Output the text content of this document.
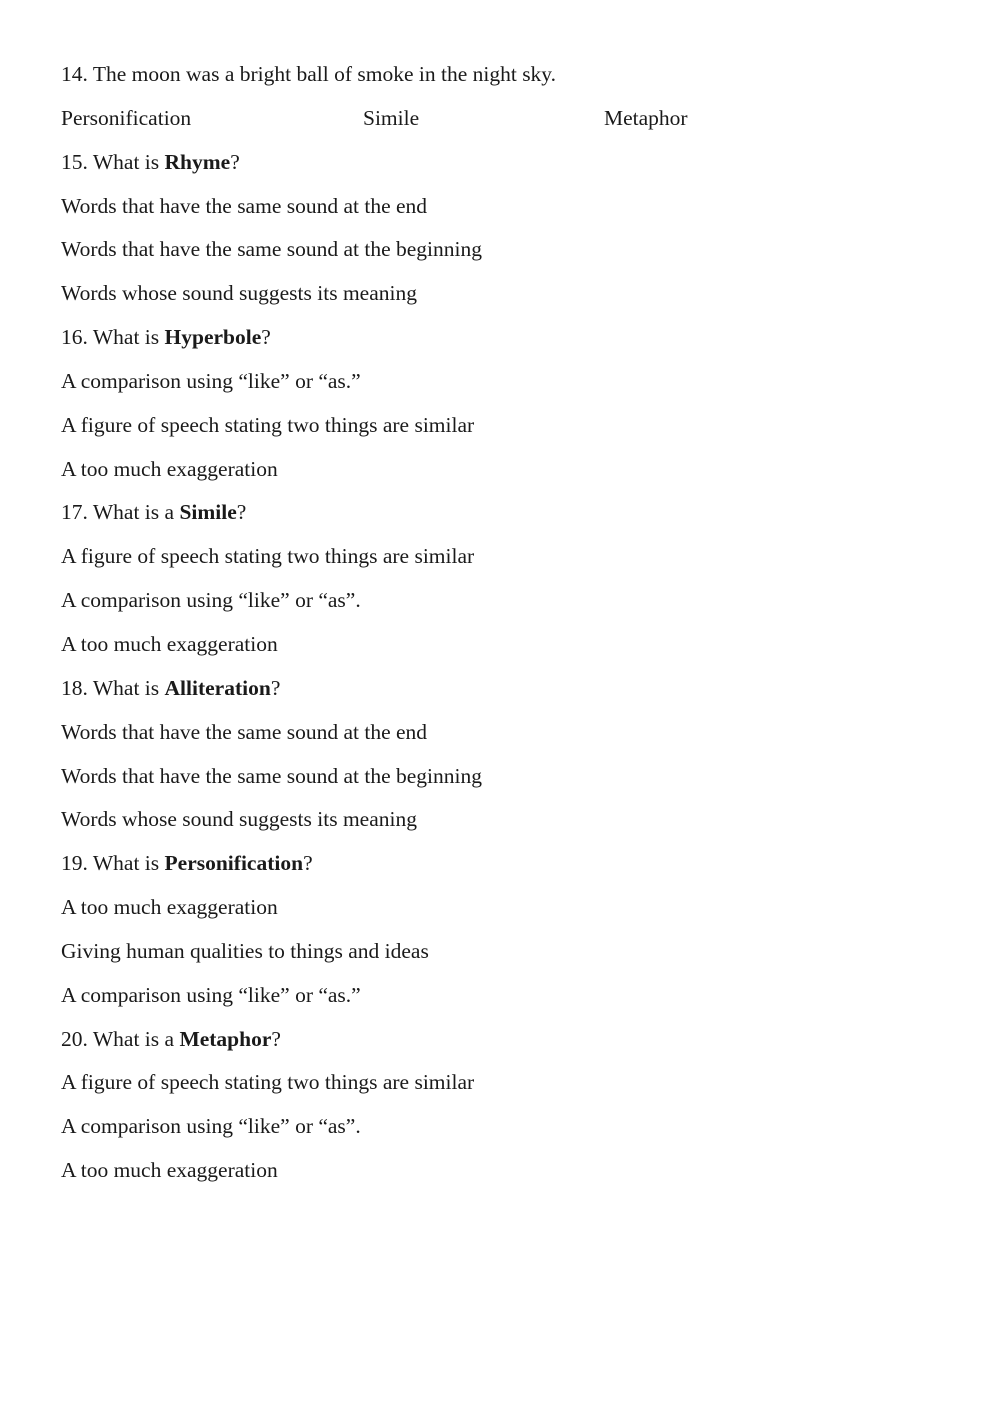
14. The moon was a bright ball of smoke in the night sky.
Personification	Simile	Metaphor
15. What is Rhyme?
Words that have the same sound at the end
Words that have the same sound at the beginning
Words whose sound suggests its meaning
16. What is Hyperbole?
A comparison using “like” or “as.”
A figure of speech stating two things are similar
A too much exaggeration
17. What is a Simile?
A figure of speech stating two things are similar
A comparison using “like” or “as”.
A too much exaggeration
18. What is Alliteration?
Words that have the same sound at the end
Words that have the same sound at the beginning
Words whose sound suggests its meaning
19. What is Personification?
A too much exaggeration
Giving human qualities to things and ideas
A comparison using “like” or “as.”
20. What is a Metaphor?
A figure of speech stating two things are similar
A comparison using “like” or “as”.
A too much exaggeration
